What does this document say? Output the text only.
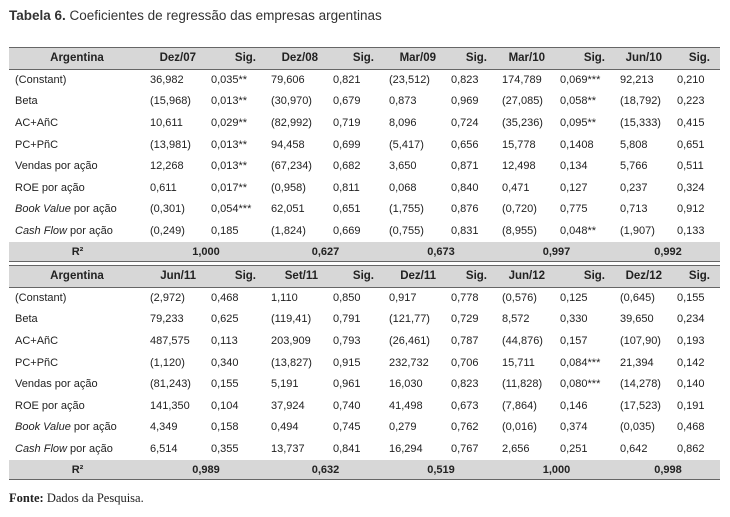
Tabela 6. Coeficientes de regressão das empresas argentinas
Argentina	Dez/07	Sig.	Dez/08	Sig.	Mar/09	Sig.	Mar/10	Sig.	Jun/10	Sig.
(Constant)	36,982	0,035**	79,606	0,821	(23,512)	0,823	174,789	0,069***	92,213	0,210
Beta	(15,968)	0,013**	(30,970)	0,679	0,873	0,969	(27,085)	0,058**	(18,792)	0,223
AC+AñC	10,611	0,029**	(82,992)	0,719	8,096	0,724	(35,236)	0,095**	(15,333)	0,415
PC+PñC	(13,981)	0,013**	94,458	0,699	(5,417)	0,656	15,778	0,1408	5,808	0,651
Vendas por ação	12,268	0,013**	(67,234)	0,682	3,650	0,871	12,498	0,134	5,766	0,511
ROE por ação	0,611	0,017**	(0,958)	0,811	0,068	0,840	0,471	0,127	0,237	0,324
Book Value por ação	(0,301)	0,054***	62,051	0,651	(1,755)	0,876	(0,720)	0,775	0,713	0,912
Cash Flow por ação	(0,249)	0,185	(1,824)	0,669	(0,755)	0,831	(8,955)	0,048**	(1,907)	0,133
R²	1,000		0,627		0,673		0,997		0,992	
Argentina	Jun/11	Sig.	Set/11	Sig.	Dez/11	Sig.	Jun/12	Sig.	Dez/12	Sig.
(Constant)	(2,972)	0,468	1,110	0,850	0,917	0,778	(0,576)	0,125	(0,645)	0,155
Beta	79,233	0,625	(119,41)	0,791	(121,77)	0,729	8,572	0,330	39,650	0,234
AC+AñC	487,575	0,113	203,909	0,793	(26,461)	0,787	(44,876)	0,157	(107,90)	0,193
PC+PñC	(1,120)	0,340	(13,827)	0,915	232,732	0,706	15,711	0,084***	21,394	0,142
Vendas por ação	(81,243)	0,155	5,191	0,961	16,030	0,823	(11,828)	0,080***	(14,278)	0,140
ROE por ação	141,350	0,104	37,924	0,740	41,498	0,673	(7,864)	0,146	(17,523)	0,191
Book Value por ação	4,349	0,158	0,494	0,745	0,279	0,762	(0,016)	0,374	(0,035)	0,468
Cash Flow por ação	6,514	0,355	13,737	0,841	16,294	0,767	2,656	0,251	0,642	0,862
R²	0,989		0,632		0,519		1,000		0,998	
Fonte: Dados da Pesquisa.
